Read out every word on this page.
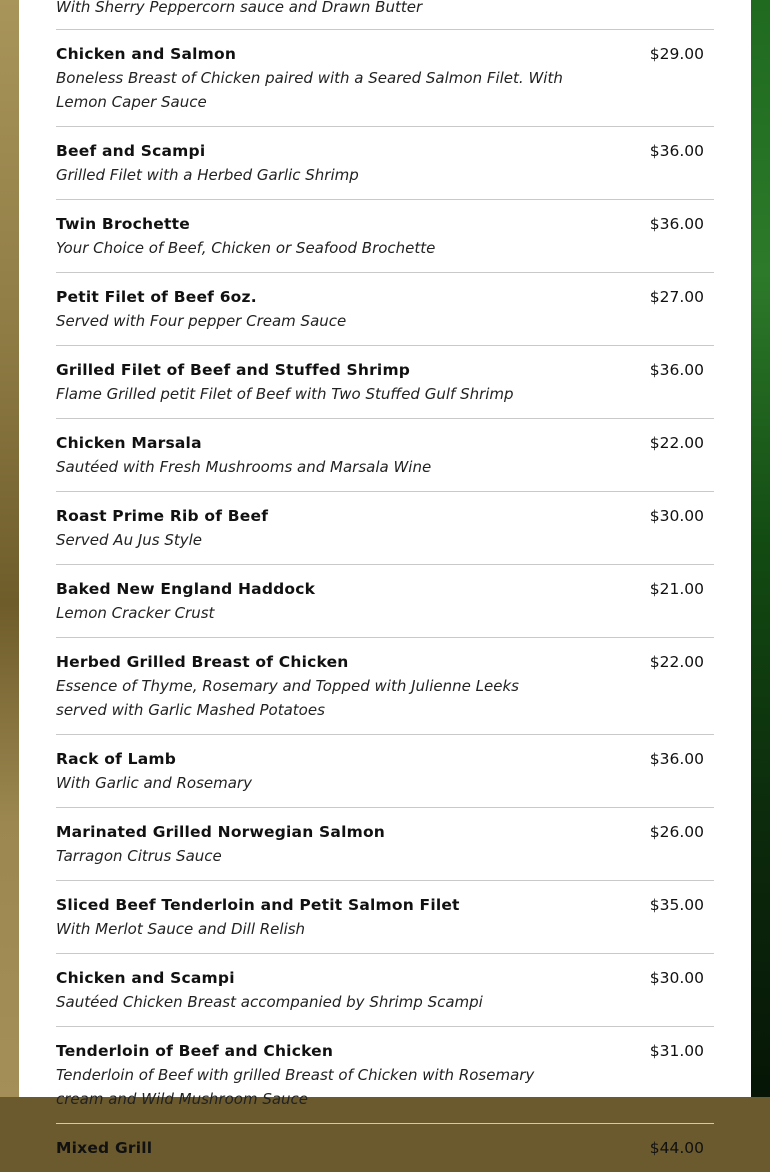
With Sherry Peppercorn sauce and Drawn Butter
Chicken and Salmon
Boneless Breast of Chicken paired with a Seared Salmon Filet. With Lemon Caper Sauce
$29.00
Beef and Scampi
Grilled Filet with a Herbed Garlic Shrimp
$36.00
Twin Brochette
Your Choice of Beef, Chicken or Seafood Brochette
$36.00
Petit Filet of Beef 6oz.
Served with Four pepper Cream Sauce
$27.00
Grilled Filet of Beef and Stuffed Shrimp
Flame Grilled petit Filet of Beef with Two Stuffed Gulf Shrimp
$36.00
Chicken Marsala
Sautéed with Fresh Mushrooms and Marsala Wine
$22.00
Roast Prime Rib of Beef
Served Au Jus Style
$30.00
Baked New England Haddock
Lemon Cracker Crust
$21.00
Herbed Grilled Breast of Chicken
Essence of Thyme, Rosemary and Topped with Julienne Leeks served with Garlic Mashed Potatoes
$22.00
Rack of Lamb
With Garlic and Rosemary
$36.00
Marinated Grilled Norwegian Salmon
Tarragon Citrus Sauce
$26.00
Sliced Beef Tenderloin and Petit Salmon Filet
With Merlot Sauce and Dill Relish
$35.00
Chicken and Scampi
Sautéed Chicken Breast accompanied by Shrimp Scampi
$30.00
Tenderloin of Beef and Chicken
Tenderloin of Beef with grilled Breast of Chicken with Rosemary cream and Wild Mushroom Sauce
$31.00
Mixed Grill	$44.00
